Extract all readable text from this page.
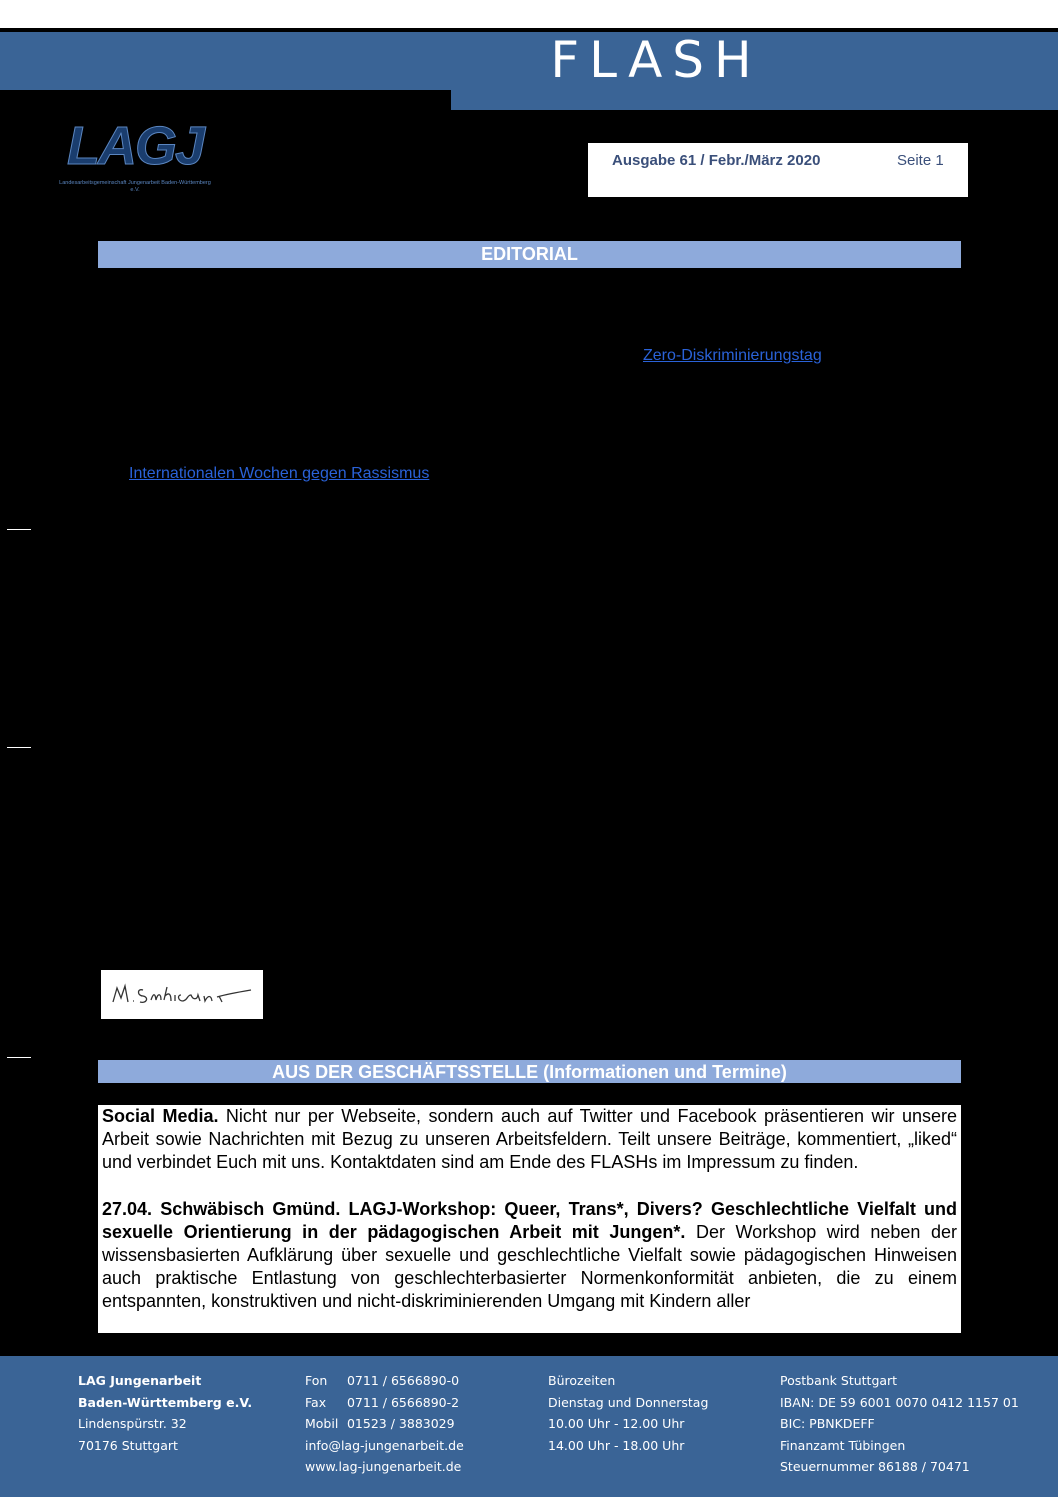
FLASH
LAGJ
Landesarbeitsgemeinschaft Jungenarbeit Baden-Württemberg e.V.
Ausgabe 61 / Febr./März 2020	Seite 1
EDITORIAL
Zero-Diskriminierungstag
Internationalen Wochen gegen Rassismus
AUS DER GESCHÄFTSSTELLE (Informationen und Termine)

Social Media. Nicht nur per Webseite, sondern auch auf Twitter und Facebook präsentieren wir unsere Arbeit sowie Nachrichten mit Bezug zu unseren Arbeitsfeldern. Teilt unsere Beiträge, kommentiert, „liked“ und verbindet Euch mit uns. Kontaktdaten sind am Ende des FLASHs im Impressum zu finden.

27.04. Schwäbisch Gmünd. LAGJ-Workshop: Queer, Trans*, Divers? Geschlechtliche Vielfalt und sexuelle Orientierung in der pädagogischen Arbeit mit Jungen*. Der Workshop wird neben der wissensbasierten Aufklärung über sexuelle und geschlechtliche Vielfalt sowie pädagogischen Hinweisen auch praktische Entlastung von geschlechterbasierter Normenkonformität anbieten, die zu einem entspannten, konstruktiven und nicht-diskriminierenden Umgang mit Kindern aller

LAG Jungenarbeit
Baden-Württemberg e.V.
Lindenspürstr. 32
70176 Stuttgart
Fon 0711 / 6566890-0
Fax 0711 / 6566890-2
Mobil 01523 / 3883029
info@lag-jungenarbeit.de
www.lag-jungenarbeit.de
Bürozeiten
Dienstag und Donnerstag
10.00 Uhr - 12.00 Uhr
14.00 Uhr - 18.00 Uhr
Postbank Stuttgart
IBAN: DE 59 6001 0070 0412 1157 01
BIC: PBNKDEFF
Finanzamt Tübingen
Steuernummer 86188 / 70471
